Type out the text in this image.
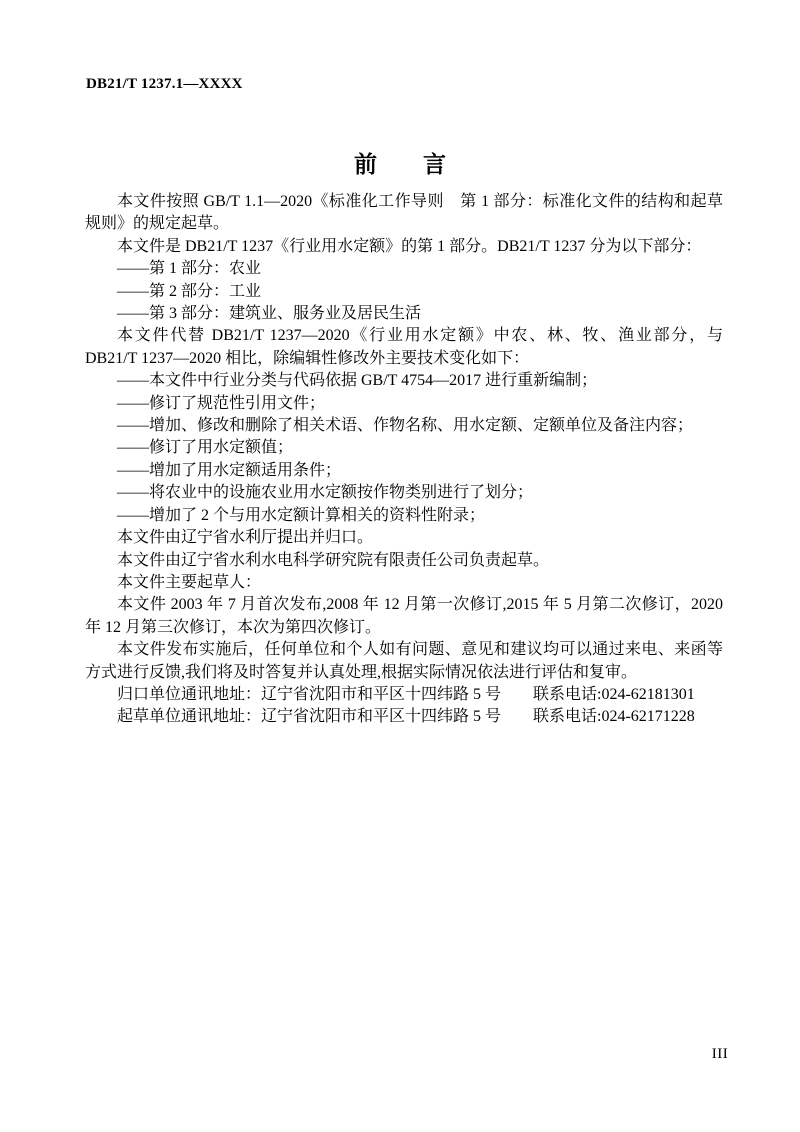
DB21/T 1237.1—XXXX
前　　言

本文件按照 GB/T 1.1—2020《标准化工作导则　第 1 部分：标准化文件的结构和起草规则》的规定起草。

本文件是 DB21/T 1237《行业用水定额》的第 1 部分。DB21/T 1237 分为以下部分：

——第 1 部分：农业

——第 2 部分：工业

——第 3 部分：建筑业、服务业及居民生活

本文件代替 DB21/T 1237—2020《行业用水定额》中农、林、牧、渔业部分，与 DB21/T 1237—2020 相比，除编辑性修改外主要技术变化如下：

——本文件中行业分类与代码依据 GB/T 4754—2017 进行重新编制；

——修订了规范性引用文件；

——增加、修改和删除了相关术语、作物名称、用水定额、定额单位及备注内容；

——修订了用水定额值；

——增加了用水定额适用条件；

——将农业中的设施农业用水定额按作物类别进行了划分；

——增加了 2 个与用水定额计算相关的资料性附录；

本文件由辽宁省水利厅提出并归口。

本文件由辽宁省水利水电科学研究院有限责任公司负责起草。

本文件主要起草人：

本文件 2003 年 7 月首次发布,2008 年 12 月第一次修订,2015 年 5 月第二次修订，2020 年 12 月第三次修订，本次为第四次修订。

本文件发布实施后，任何单位和个人如有问题、意见和建议均可以通过来电、来函等方式进行反馈,我们将及时答复并认真处理,根据实际情况依法进行评估和复审。

归口单位通讯地址：辽宁省沈阳市和平区十四纬路 5 号　　联系电话:024-62181301

起草单位通讯地址：辽宁省沈阳市和平区十四纬路 5 号　　联系电话:024-62171228

III
